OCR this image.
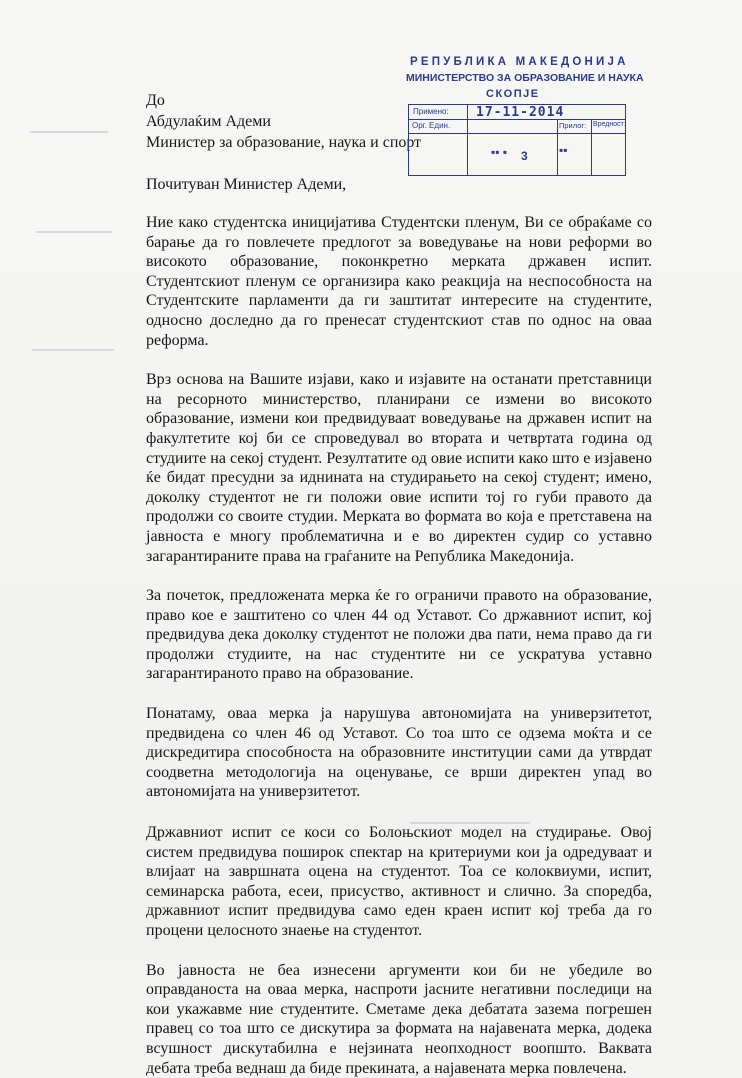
До
Абдулаќим Адеми
Министер за образование, наука и спорт
РЕПУБЛИКА МАКЕДОНИЈА
МИНИСТЕРСТВО ЗА ОБРАЗОВАНИЕ И НАУКА
СКОПЈЕ
Примено:
Орг. Един.	Прилог: Вредност:
▪▪ ▪ 3	▪▪
17-11-2014
Почитуван Министер Адеми,

Ние како студентска иницијатива Студентски пленум, Ви се обраќаме со барање да го повлечете предлогот за воведување на нови реформи во високото образование, поконкретно мерката државен испит. Студентскиот пленум се организира како реакција на неспособноста на Студентските парламенти да ги заштитат интересите на студентите, односно доследно да го пренесат студентскиот став по однос на оваа реформа.

Врз основа на Вашите изјави, како и изјавите на останати претставници на ресорното министерство, планирани се измени во високото образование, измени кои предвидуваат воведување на државен испит на факултетите кој би се спроведувал во втората и четвртата година од студиите на секој студент. Резултатите од овие испити како што е изјавено ќе бидат пресудни за иднината на студирањето на секој студент; имено, доколку студентот не ги положи овие испити тој го губи правото да продолжи со своите студии. Мерката во формата во која е претставена на јавноста е многу проблематична и е во директен судир со уставно загарантираните права на граѓаните на Република Македонија.

За почеток, предложената мерка ќе го ограничи правото на образование, право кое е заштитено со член 44 од Уставот. Со државниот испит, кој предвидува дека доколку студентот не положи два пати, нема право да ги продолжи студиите, на нас студентите ни се ускратува уставно загарантираното право на образование.

Понатаму, оваа мерка ја нарушува автономијата на универзитетот, предвидена со член 46 од Уставот. Со тоа што се одзема моќта и се дискредитира способноста на образовните институции сами да утврдат соодветна методологија на оценување, се врши директен упад во автономијата на универзитетот.

Државниот испит се коси со Болоњскиот модел на студирање. Овој систем предвидува поширок спектар на критериуми кои ја одредуваат и влијаат на завршната оцена на студентот. Тоа се колоквиуми, испит, семинарска работа, есеи, присуство, активност и слично. За споредба, државниот испит предвидува само еден краен испит кој треба да го процени целосното знаење на студентот.

Во јавноста не беа изнесени аргументи кои би не убедиле во оправданоста на оваа мерка, наспроти јасните негативни последици на кои укажавме ние студентите. Сметаме дека дебатата зазема погрешен правец со тоа што се дискутира за формата на најавената мерка, додека всушност дискутабилна е нејзината неопходност воопшто. Ваквата дебата треба веднаш да биде прекината, а најавената мерка повлечена.
